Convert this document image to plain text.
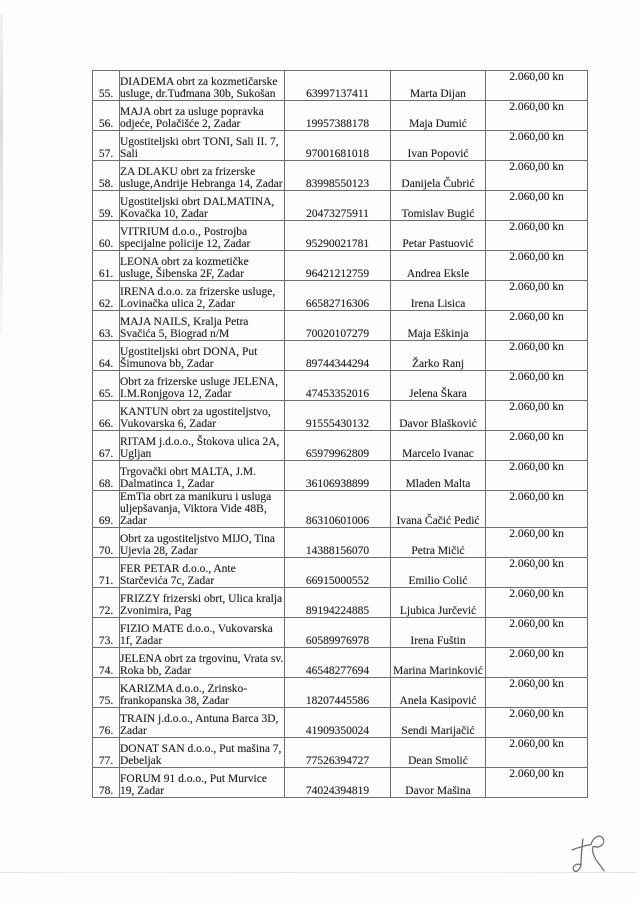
55.	DIADEMA obrt za kozmetičarske usluge, dr.Tuđmana 30b, Sukošan	63997137411	Marta Dijan	2.060,00 kn
56.	MAJA obrt za usluge popravka odjeće, Polačišće 2, Zadar	19957388178	Maja Dumić	2.060,00 kn
57.	Ugostiteljski obrt TONI, Sali II. 7, Sali	97001681018	Ivan Popović	2.060,00 kn
58.	ZA DLAKU obrt za frizerske usluge,Andrije Hebranga 14, Zadar	83998550123	Danijela Čubrić	2.060,00 kn
59.	Ugostiteljski obrt DALMATINA, Kovačka 10, Zadar	20473275911	Tomislav Bugić	2.060,00 kn
60.	VITRIUM d.o.o., Postrojba specijalne policije 12, Zadar	95290021781	Petar Pastuović	2.060,00 kn
61.	LEONA obrt za kozmetičke usluge, Šibenska 2F, Zadar	96421212759	Andrea Eksle	2.060,00 kn
62.	IRENA d.o.o. za frizerske usluge, Lovinačka ulica 2, Zadar	66582716306	Irena Lisica	2.060,00 kn
63.	MAJA NAILS, Kralja Petra Svačića 5, Biograd n/M	70020107279	Maja Eškinja	2.060,00 kn
64.	Ugostiteljski obrt DONA, Put Šimunova bb, Zadar	89744344294	Žarko Ranj	2.060,00 kn
65.	Obrt za frizerske usluge JELENA, I.M.Ronjgova 12, Zadar	47453352016	Jelena Škara	2.060,00 kn
66.	KANTUN obrt za ugostiteljstvo, Vukovarska 6, Zadar	91555430132	Davor Blašković	2.060,00 kn
67.	RITAM j.d.o.o., Štokova ulica 2A, Ugljan	65979962809	Marcelo Ivanac	2.060,00 kn
68.	Trgovački obrt MALTA, J.M. Dalmatinca 1, Zadar	36106938899	Mladen Malta	2.060,00 kn
69.	EmTia obrt za manikuru i usluga uljepšavanja, Viktora Vide 48B, Zadar	86310601006	Ivana Čačić Pedić	2.060,00 kn
70.	Obrt za ugostiteljstvo MIJO, Tina Ujevia 28, Zadar	14388156070	Petra Mičić	2.060,00 kn
71.	FER PETAR d.o.o., Ante Starčevića 7c, Zadar	66915000552	Emilio Colić	2.060,00 kn
72.	FRIZZY frizerski obrt, Ulica kralja Zvonimira, Pag	89194224885	Ljubica Jurčević	2.060,00 kn
73.	FIZIO MATE d.o.o., Vukovarska 1f, Zadar	60589976978	Irena Fuštin	2.060,00 kn
74.	JELENA obrt za trgovinu, Vrata sv. Roka bb, Zadar	46548277694	Marina Marinković	2.060,00 kn
75.	KARIZMA d.o.o., Zrinsko-frankopanska 38, Zadar	18207445586	Anela Kasipović	2.060,00 kn
76.	TRAIN j.d.o.o., Antuna Barca 3D, Zadar	41909350024	Sendi Marijačić	2.060,00 kn
77.	DONAT SAN d.o.o., Put mašina 7, Debeljak	77526394727	Dean Smolić	2.060,00 kn
78.	FORUM 91 d.o.o., Put Murvice 19, Zadar	74024394819	Davor Mašina	2.060,00 kn
